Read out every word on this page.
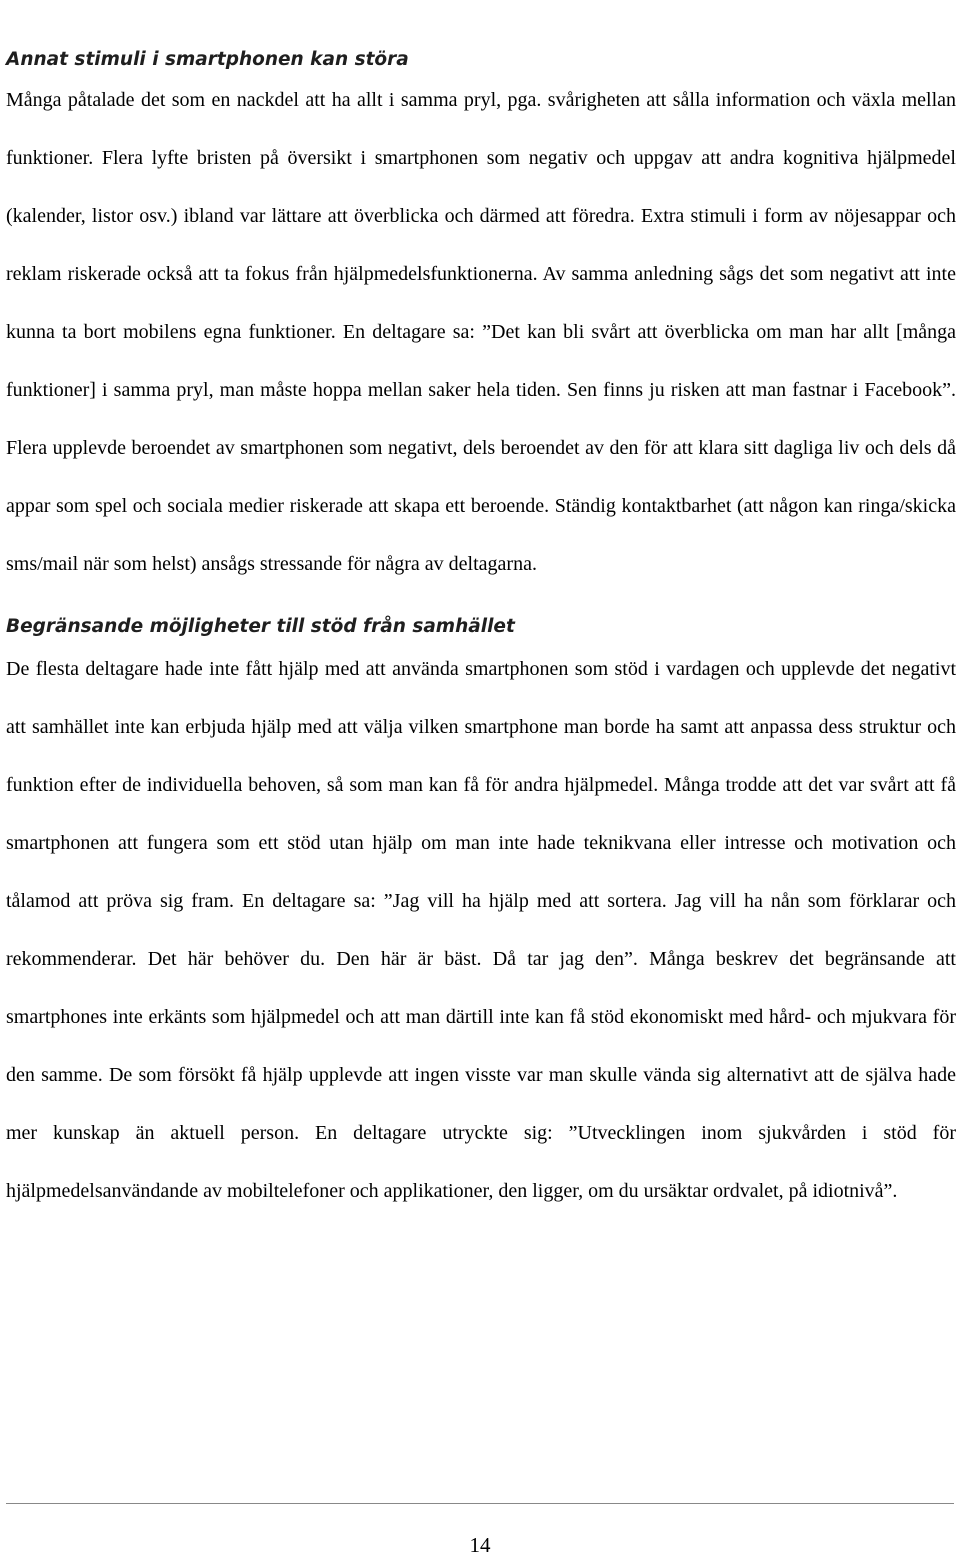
Annat stimuli i smartphonen kan störa

Många påtalade det som en nackdel att ha allt i samma pryl, pga. svårigheten att sålla information och växla mellan funktioner. Flera lyfte bristen på översikt i smartphonen som negativ och uppgav att andra kognitiva hjälpmedel (kalender, listor osv.) ibland var lättare att överblicka och därmed att föredra. Extra stimuli i form av nöjesappar och reklam riskerade också att ta fokus från hjälpmedelsfunktionerna. Av samma anledning sågs det som negativt att inte kunna ta bort mobilens egna funktioner. En deltagare sa: ”Det kan bli svårt att överblicka om man har allt [många funktioner] i samma pryl, man måste hoppa mellan saker hela tiden. Sen finns ju risken att man fastnar i Facebook”. Flera upplevde beroendet av smartphonen som negativt, dels beroendet av den för att klara sitt dagliga liv och dels då appar som spel och sociala medier riskerade att skapa ett beroende. Ständig kontaktbarhet (att någon kan ringa/skicka sms/mail när som helst) ansågs stressande för några av deltagarna.

Begränsande möjligheter till stöd från samhället

De flesta deltagare hade inte fått hjälp med att använda smartphonen som stöd i vardagen och upplevde det negativt att samhället inte kan erbjuda hjälp med att välja vilken smartphone man borde ha samt att anpassa dess struktur och funktion efter de individuella behoven, så som man kan få för andra hjälpmedel. Många trodde att det var svårt att få smartphonen att fungera som ett stöd utan hjälp om man inte hade teknikvana eller intresse och motivation och tålamod att pröva sig fram. En deltagare sa: ”Jag vill ha hjälp med att sortera. Jag vill ha nån som förklarar och rekommenderar. Det här behöver du. Den här är bäst. Då tar jag den”. Många beskrev det begränsande att smartphones inte erkänts som hjälpmedel och att man därtill inte kan få stöd ekonomiskt med hård- och mjukvara för den samme. De som försökt få hjälp upplevde att ingen visste var man skulle vända sig alternativt att de själva hade mer kunskap än aktuell person. En deltagare utryckte sig: ”Utvecklingen inom sjukvården i stöd för hjälpmedelsanvändande av mobiltelefoner och applikationer, den ligger, om du ursäktar ordvalet, på idiotnivå”.

14
